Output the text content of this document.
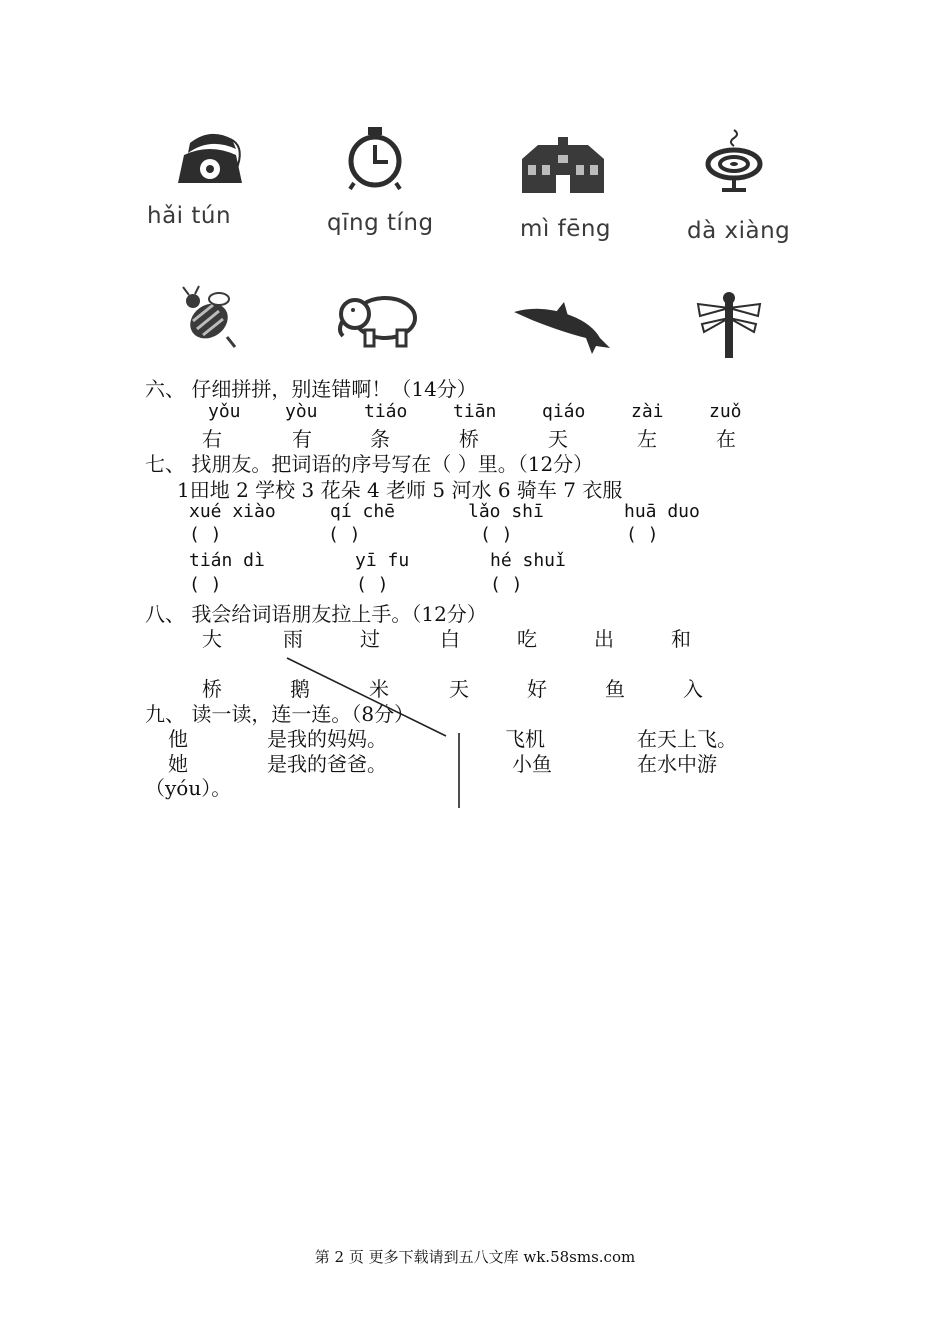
hǎi tún	qīng tíng	mì fēng	dà xiàng
六、 仔细拼拼，别连错啊！（14分）
yǒu yòu	tiáo	tiān	qiáo	zài	zuǒ
右	有	条	桥	天	左	在
七、 找朋友。把词语的序号写在（ ）里。（12分）
1田地 2 学校 3 花朵 4 老师 5 河水 6 骑车 7 衣服
xué xiào	qí chē	lǎo shī	huā duo
( )	( )	( )	( )
tián dì	yī fu	hé shuǐ
( )	( )	( )
八、 我会给词语朋友拉上手。（12分）
大	雨	过	白	吃	出	和
桥	鹅	米	天	好	鱼	入
九、 读一读，连一连。（8分）
他	是我的妈妈。	飞机	在天上飞。
她	是我的爸爸。	小鱼	在水中游
（yóu）。
第 2 页 更多下载请到五八文库 wk.58sms.com
